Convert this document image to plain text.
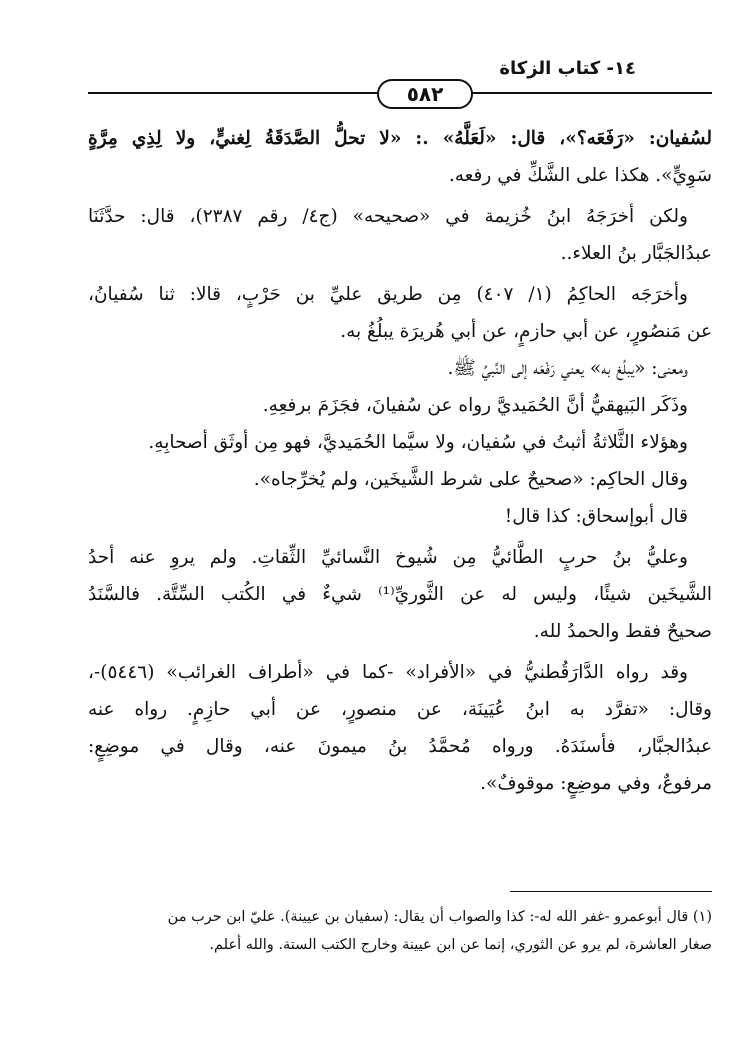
١٤- كتاب الزكاة
٥٨٢
لسُفيان: «رَفَعَه؟»، قال: «لَعَلَّهُ» .: «لا تحلُّ الصَّدَقَةُ لِغنيٍّ، ولا لِذِي مِرَّةٍ
سَوِيٍّ». هكذا على الشَّكِّ في رفعه.
ولكن أخرَجَهُ ابنُ خُزيمة في «صحيحه» (ج٤/ رقم ٢٣٨٧)، قال: حدَّثَنَا
عبدُالجَبَّار بنُ العلاء..
وأخرَجَه الحاكِمُ (١/ ٤٠٧) مِن طريق عليِّ بن حَرْبٍ، قالا: ثنا سُفيانُ،
عن مَنصُورٍ، عن أبي حازمٍ، عن أبي هُريرَة يبلُغُ به.
ومعنى: «يبلُغ به» يعني رَفْعَه إلى النَّبيِّ ﷺ.
وذَكَر البَيهقيُّ أنَّ الحُمَيديَّ رواه عن سُفيانَ، فجَزَمَ برفعِهِ.
وهؤلاء الثَّلاثةُ أثبتُ في سُفيان، ولا سيَّما الحُمَيديَّ، فهو مِن أوثَق أصحابِهِ.
وقال الحاكِم: «صحيحٌ على شرط الشَّيخَين، ولم يُخرِّجاه».
قال أبوإسحاق: كذا قال!
وعليُّ بنُ حربٍ الطَّائيُّ مِن شُيوخ النَّسائيِّ الثِّقاتِ. ولم يروِ عنه أحدُ
الشَّيخَين شيئًا، وليس له عن الثَّوريِّ⁽¹⁾ شيءٌ في الكُتب السِّتَّة. فالسَّنَدُ
صحيحٌ فقط والحمدُ لله.
وقد رواه الدَّارَقُطنيُّ في «الأفراد» -كما في «أطراف الغرائب» (٥٤٤٦)-،
وقال: «تفرَّد به ابنُ عُيَينَة، عن منصورٍ، عن أبي حازِمٍ. رواه عنه
عبدُالجبَّار، فأسنَدَهُ. ورواه مُحمَّدُ بنُ ميمونَ عنه، وقال في موضِعٍ:
مرفوعٌ، وفي موضِعٍ: موقوفٌ».
(١) قال أبوعمرو -غفر الله له-: كذا والصواب أن يقال: (سفيان بن عيينة). عليّ ابن حرب من
صغار العاشرة، لم يرو عن الثوري، إنما عن ابن عيينة وخارج الكتب الستة. والله أعلم.
